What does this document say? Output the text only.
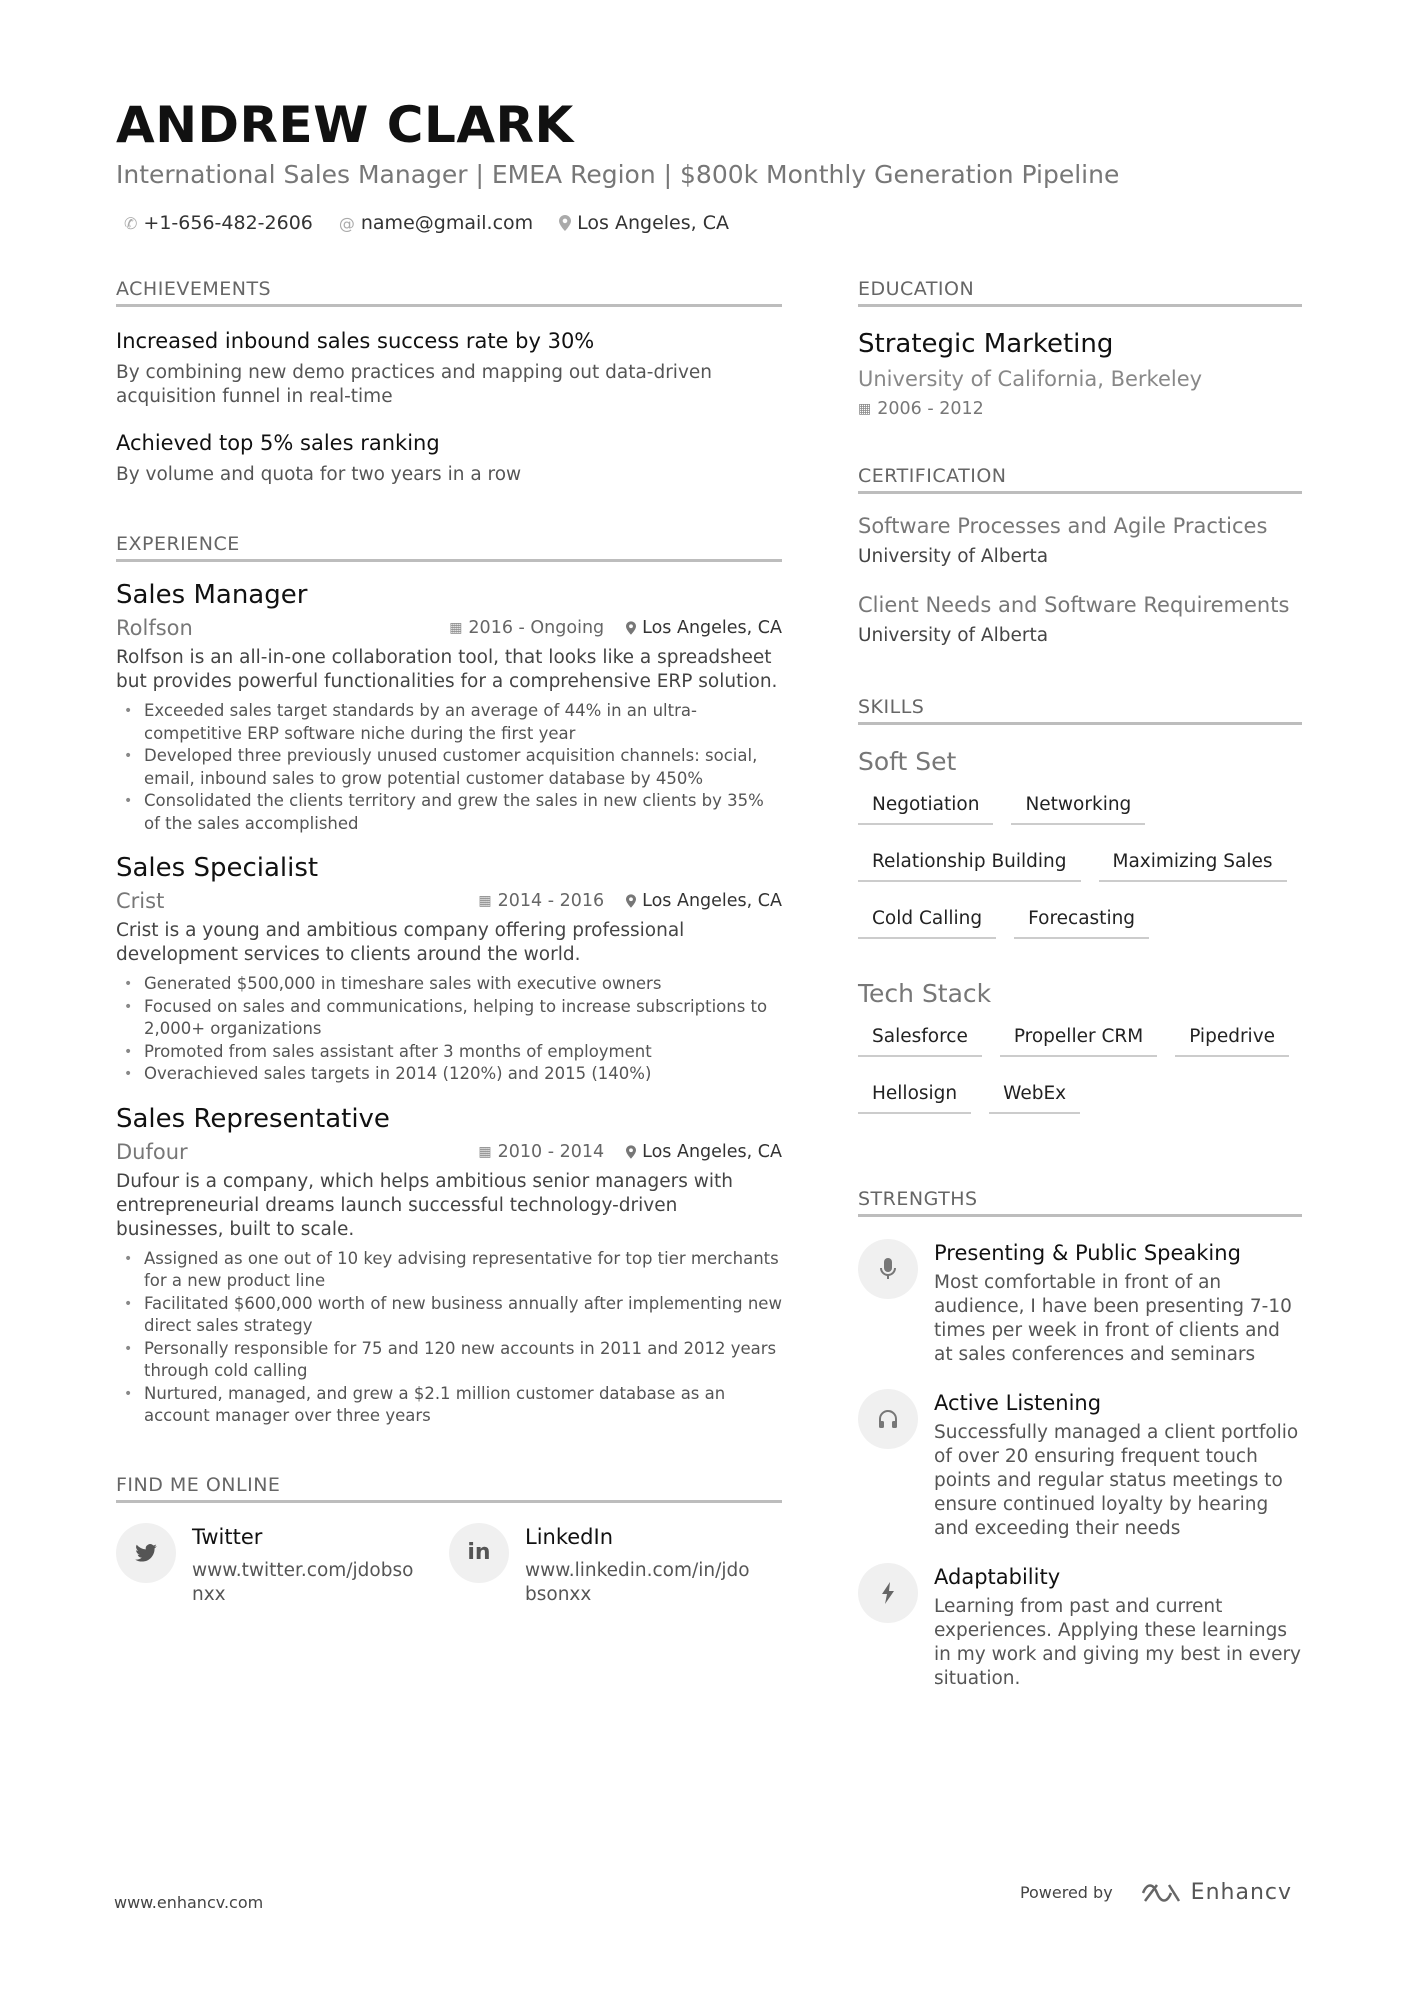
ANDREW CLARK
International Sales Manager | EMEA Region | $800k Monthly Generation Pipeline
✆ +1-656-482-2606 @ name@gmail.com Los Angeles, CA
ACHIEVEMENTS
Increased inbound sales success rate by 30%
By combining new demo practices and mapping out data-driven acquisition funnel in real-time
Achieved top 5% sales ranking
By volume and quota for two years in a row
EXPERIENCE
Sales Manager
Rolfson	▦ 2016 - Ongoing Los Angeles, CA
Rolfson is an all-in-one collaboration tool, that looks like a spreadsheet but provides powerful functionalities for a comprehensive ERP solution.
• Exceeded sales target standards by an average of 44% in an ultra-competitive ERP software niche during the first year
• Developed three previously unused customer acquisition channels: social, email, inbound sales to grow potential customer database by 450%
• Consolidated the clients territory and grew the sales in new clients by 35% of the sales accomplished
Sales Specialist
Crist	▦ 2014 - 2016 Los Angeles, CA
Crist is a young and ambitious company offering professional development services to clients around the world.
• Generated $500,000 in timeshare sales with executive owners
• Focused on sales and communications, helping to increase subscriptions to 2,000+ organizations
• Promoted from sales assistant after 3 months of employment
• Overachieved sales targets in 2014 (120%) and 2015 (140%)
Sales Representative
Dufour	▦ 2010 - 2014 Los Angeles, CA
Dufour is a company, which helps ambitious senior managers with entrepreneurial dreams launch successful technology-driven businesses, built to scale.
• Assigned as one out of 10 key advising representative for top tier merchants for a new product line
• Facilitated $600,000 worth of new business annually after implementing new direct sales strategy
• Personally responsible for 75 and 120 new accounts in 2011 and 2012 years through cold calling
• Nurtured, managed, and grew a $2.1 million customer database as an account manager over three years
FIND ME ONLINE
Twitter
www.twitter.com/jdobsonxx
in
LinkedIn
www.linkedin.com/in/jdobsonxx
EDUCATION
Strategic Marketing
University of California, Berkeley
▦ 2006 - 2012
CERTIFICATION
Software Processes and Agile Practices
University of Alberta
Client Needs and Software Requirements
University of Alberta
SKILLS
Soft Set
Negotiation	Networking
Relationship Building	Maximizing Sales
Cold Calling	Forecasting
Tech Stack
Salesforce	Propeller CRM	Pipedrive
Hellosign	WebEx
STRENGTHS
Presenting & Public Speaking
Most comfortable in front of an audience, I have been presenting 7-10 times per week in front of clients and at sales conferences and seminars
Active Listening
Successfully managed a client portfolio of over 20 ensuring frequent touch points and regular status meetings to ensure continued loyalty by hearing and exceeding their needs
Adaptability
Learning from past and current experiences. Applying these learnings in my work and giving my best in every situation.
www.enhancv.com
Powered by	Enhancv
